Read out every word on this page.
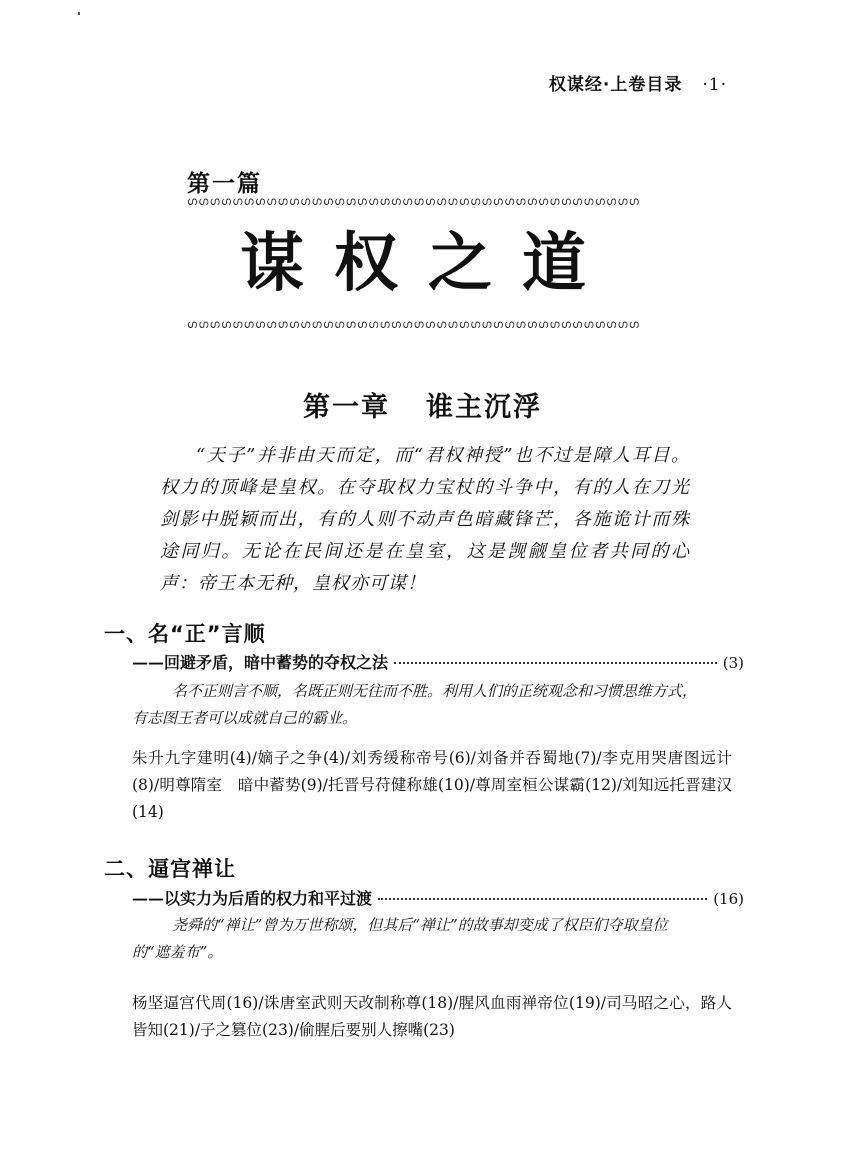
权谋经·上卷目录 ·1·
第一篇
ഗ ഗ ഗ ഗ ഗ ഗ ഗ ഗ ഗ ഗ ഗ ഗ ഗ ഗ ഗ ഗ ഗ ഗ ഗ ഗ ഗ ഗ ഗ ഗ ഗ ഗ ഗ ഗ ഗ ഗ ഗ ഗ ഗ ഗ ഗ ഗ ഗ ഗ ഗ ഗ
谋权之道
ഗ ഗ ഗ ഗ ഗ ഗ ഗ ഗ ഗ ഗ ഗ ഗ ഗ ഗ ഗ ഗ ഗ ഗ ഗ ഗ ഗ ഗ ഗ ഗ ഗ ഗ ഗ ഗ ഗ ഗ ഗ ഗ ഗ ഗ ഗ ഗ ഗ ഗ ഗ ഗ
第一章 谁主沉浮

“天子”并非由天而定，而“君权神授”也不过是障人耳目。权力的顶峰是皇权。在夺取权力宝杖的斗争中，有的人在刀光剑影中脱颖而出，有的人则不动声色暗藏锋芒，各施诡计而殊途同归。无论在民间还是在皇室，这是觊觎皇位者共同的心声：帝王本无种，皇权亦可谋！

一、名“正”言顺
——回避矛盾，暗中蓄势的夺权之法	(3)

名不正则言不顺，名既正则无往而不胜。利用人们的正统观念和习惯思维方式，有志图王者可以成就自己的霸业。

朱升九字建明(4)/嫡子之争(4)/刘秀缓称帝号(6)/刘备并吞蜀地(7)/李克用哭唐图远计(8)/明尊隋室　暗中蓄势(9)/托晋号苻健称雄(10)/尊周室桓公谋霸(12)/刘知远托晋建汉(14)

二、逼宫禅让
——以实力为后盾的权力和平过渡	(16)

尧舜的“禅让”曾为万世称颂，但其后“禅让”的故事却变成了权臣们夺取皇位的“遮羞布”。

杨坚逼宫代周(16)/诛唐室武则天改制称尊(18)/腥风血雨禅帝位(19)/司马昭之心，路人皆知(21)/子之篡位(23)/偷腥后要别人擦嘴(23)
